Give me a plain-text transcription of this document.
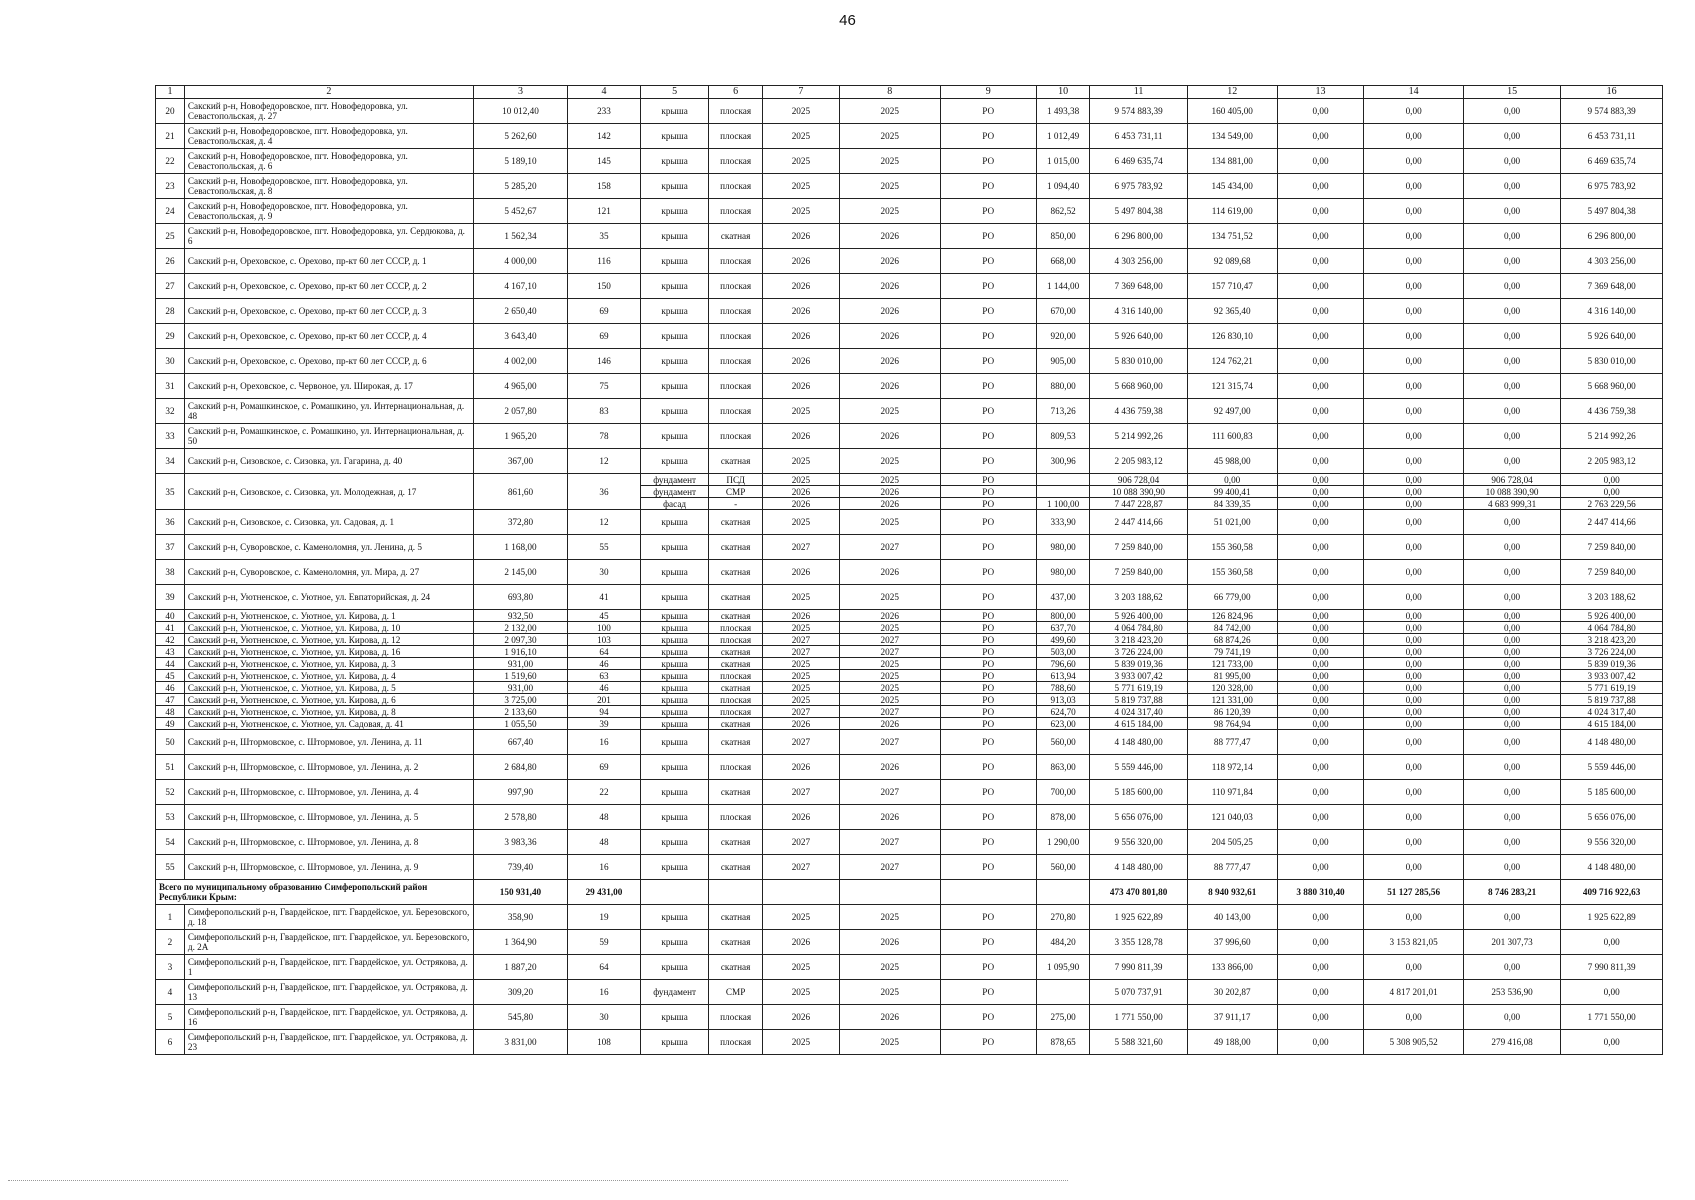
46
1	2	3	4	5	6	7	8	9	10	11	12	13	14	15	16
20	Сакский р-н, Новофедоровское, пгт. Новофедоровка, ул. Севастопольская, д. 27	10 012,40	233	крыша	плоская	2025	2025	РО	1 493,38	9 574 883,39	160 405,00	0,00	0,00	0,00	9 574 883,39
21	Сакский р-н, Новофедоровское, пгт. Новофедоровка, ул. Севастопольская, д. 4	5 262,60	142	крыша	плоская	2025	2025	РО	1 012,49	6 453 731,11	134 549,00	0,00	0,00	0,00	6 453 731,11
22	Сакский р-н, Новофедоровское, пгт. Новофедоровка, ул. Севастопольская, д. 6	5 189,10	145	крыша	плоская	2025	2025	РО	1 015,00	6 469 635,74	134 881,00	0,00	0,00	0,00	6 469 635,74
23	Сакский р-н, Новофедоровское, пгт. Новофедоровка, ул. Севастопольская, д. 8	5 285,20	158	крыша	плоская	2025	2025	РО	1 094,40	6 975 783,92	145 434,00	0,00	0,00	0,00	6 975 783,92
24	Сакский р-н, Новофедоровское, пгт. Новофедоровка, ул. Севастопольская, д. 9	5 452,67	121	крыша	плоская	2025	2025	РО	862,52	5 497 804,38	114 619,00	0,00	0,00	0,00	5 497 804,38
25	Сакский р-н, Новофедоровское, пгт. Новофедоровка, ул. Сердюкова, д. 6	1 562,34	35	крыша	скатная	2026	2026	РО	850,00	6 296 800,00	134 751,52	0,00	0,00	0,00	6 296 800,00
26	Сакский р-н, Ореховское, с. Орехово, пр-кт 60 лет СССР, д. 1	4 000,00	116	крыша	плоская	2026	2026	РО	668,00	4 303 256,00	92 089,68	0,00	0,00	0,00	4 303 256,00
27	Сакский р-н, Ореховское, с. Орехово, пр-кт 60 лет СССР, д. 2	4 167,10	150	крыша	плоская	2026	2026	РО	1 144,00	7 369 648,00	157 710,47	0,00	0,00	0,00	7 369 648,00
28	Сакский р-н, Ореховское, с. Орехово, пр-кт 60 лет СССР, д. 3	2 650,40	69	крыша	плоская	2026	2026	РО	670,00	4 316 140,00	92 365,40	0,00	0,00	0,00	4 316 140,00
29	Сакский р-н, Ореховское, с. Орехово, пр-кт 60 лет СССР, д. 4	3 643,40	69	крыша	плоская	2026	2026	РО	920,00	5 926 640,00	126 830,10	0,00	0,00	0,00	5 926 640,00
30	Сакский р-н, Ореховское, с. Орехово, пр-кт 60 лет СССР, д. 6	4 002,00	146	крыша	плоская	2026	2026	РО	905,00	5 830 010,00	124 762,21	0,00	0,00	0,00	5 830 010,00
31	Сакский р-н, Ореховское, с. Червоное, ул. Широкая, д. 17	4 965,00	75	крыша	плоская	2026	2026	РО	880,00	5 668 960,00	121 315,74	0,00	0,00	0,00	5 668 960,00
32	Сакский р-н, Ромашкинское, с. Ромашкино, ул. Интернациональная, д. 48	2 057,80	83	крыша	плоская	2025	2025	РО	713,26	4 436 759,38	92 497,00	0,00	0,00	0,00	4 436 759,38
33	Сакский р-н, Ромашкинское, с. Ромашкино, ул. Интернациональная, д. 50	1 965,20	78	крыша	плоская	2026	2026	РО	809,53	5 214 992,26	111 600,83	0,00	0,00	0,00	5 214 992,26
34	Сакский р-н, Сизовское, с. Сизовка, ул. Гагарина, д. 40	367,00	12	крыша	скатная	2025	2025	РО	300,96	2 205 983,12	45 988,00	0,00	0,00	0,00	2 205 983,12
35	Сакский р-н, Сизовское, с. Сизовка, ул. Молодежная, д. 17	861,60	36	фундамент	ПСД	2025	2025	РО		906 728,04	0,00	0,00	0,00	906 728,04	0,00
				фундамент	СМР	2026	2026	РО		10 088 390,90	99 400,41	0,00	0,00	10 088 390,90	0,00
				фасад	-	2026	2026	РО	1 100,00	7 447 228,87	84 339,35	0,00	0,00	4 683 999,31	2 763 229,56
36	Сакский р-н, Сизовское, с. Сизовка, ул. Садовая, д. 1	372,80	12	крыша	скатная	2025	2025	РО	333,90	2 447 414,66	51 021,00	0,00	0,00	0,00	2 447 414,66
37	Сакский р-н, Суворовское, с. Каменоломня, ул. Ленина, д. 5	1 168,00	55	крыша	скатная	2027	2027	РО	980,00	7 259 840,00	155 360,58	0,00	0,00	0,00	7 259 840,00
38	Сакский р-н, Суворовское, с. Каменоломня, ул. Мира, д. 27	2 145,00	30	крыша	скатная	2026	2026	РО	980,00	7 259 840,00	155 360,58	0,00	0,00	0,00	7 259 840,00
39	Сакский р-н, Уютненское, с. Уютное, ул. Евпаторийская, д. 24	693,80	41	крыша	скатная	2025	2025	РО	437,00	3 203 188,62	66 779,00	0,00	0,00	0,00	3 203 188,62
40	Сакский р-н, Уютненское, с. Уютное, ул. Кирова, д. 1	932,50	45	крыша	скатная	2026	2026	РО	800,00	5 926 400,00	126 824,96	0,00	0,00	0,00	5 926 400,00
41	Сакский р-н, Уютненское, с. Уютное, ул. Кирова, д. 10	2 132,00	100	крыша	плоская	2025	2025	РО	637,70	4 064 784,80	84 742,00	0,00	0,00	0,00	4 064 784,80
42	Сакский р-н, Уютненское, с. Уютное, ул. Кирова, д. 12	2 097,30	103	крыша	плоская	2027	2027	РО	499,60	3 218 423,20	68 874,26	0,00	0,00	0,00	3 218 423,20
43	Сакский р-н, Уютненское, с. Уютное, ул. Кирова, д. 16	1 916,10	64	крыша	скатная	2027	2027	РО	503,00	3 726 224,00	79 741,19	0,00	0,00	0,00	3 726 224,00
44	Сакский р-н, Уютненское, с. Уютное, ул. Кирова, д. 3	931,00	46	крыша	скатная	2025	2025	РО	796,60	5 839 019,36	121 733,00	0,00	0,00	0,00	5 839 019,36
45	Сакский р-н, Уютненское, с. Уютное, ул. Кирова, д. 4	1 519,60	63	крыша	плоская	2025	2025	РО	613,94	3 933 007,42	81 995,00	0,00	0,00	0,00	3 933 007,42
46	Сакский р-н, Уютненское, с. Уютное, ул. Кирова, д. 5	931,00	46	крыша	скатная	2025	2025	РО	788,60	5 771 619,19	120 328,00	0,00	0,00	0,00	5 771 619,19
47	Сакский р-н, Уютненское, с. Уютное, ул. Кирова, д. 6	3 725,00	201	крыша	плоская	2025	2025	РО	913,03	5 819 737,88	121 331,00	0,00	0,00	0,00	5 819 737,88
48	Сакский р-н, Уютненское, с. Уютное, ул. Кирова, д. 8	2 133,60	94	крыша	плоская	2027	2027	РО	624,70	4 024 317,40	86 120,39	0,00	0,00	0,00	4 024 317,40
49	Сакский р-н, Уютненское, с. Уютное, ул. Садовая, д. 41	1 055,50	39	крыша	скатная	2026	2026	РО	623,00	4 615 184,00	98 764,94	0,00	0,00	0,00	4 615 184,00
50	Сакский р-н, Штормовское, с. Штормовое, ул. Ленина, д. 11	667,40	16	крыша	скатная	2027	2027	РО	560,00	4 148 480,00	88 777,47	0,00	0,00	0,00	4 148 480,00
51	Сакский р-н, Штормовское, с. Штормовое, ул. Ленина, д. 2	2 684,80	69	крыша	плоская	2026	2026	РО	863,00	5 559 446,00	118 972,14	0,00	0,00	0,00	5 559 446,00
52	Сакский р-н, Штормовское, с. Штормовое, ул. Ленина, д. 4	997,90	22	крыша	скатная	2027	2027	РО	700,00	5 185 600,00	110 971,84	0,00	0,00	0,00	5 185 600,00
53	Сакский р-н, Штормовское, с. Штормовое, ул. Ленина, д. 5	2 578,80	48	крыша	плоская	2026	2026	РО	878,00	5 656 076,00	121 040,03	0,00	0,00	0,00	5 656 076,00
54	Сакский р-н, Штормовское, с. Штормовое, ул. Ленина, д. 8	3 983,36	48	крыша	скатная	2027	2027	РО	1 290,00	9 556 320,00	204 505,25	0,00	0,00	0,00	9 556 320,00
55	Сакский р-н, Штормовское, с. Штормовое, ул. Ленина, д. 9	739,40	16	крыша	скатная	2027	2027	РО	560,00	4 148 480,00	88 777,47	0,00	0,00	0,00	4 148 480,00
Всего по муниципальному образованию Симферопольский район Республики Крым:		150 931,40	29 431,00							473 470 801,80	8 940 932,61	3 880 310,40	51 127 285,56	8 746 283,21	409 716 922,63
1	Симферопольский р-н, Гвардейское, пгт. Гвардейское, ул. Березовского, д. 18	358,90	19	крыша	скатная	2025	2025	РО	270,80	1 925 622,89	40 143,00	0,00	0,00	0,00	1 925 622,89
2	Симферопольский р-н, Гвардейское, пгт. Гвардейское, ул. Березовского, д. 2А	1 364,90	59	крыша	скатная	2026	2026	РО	484,20	3 355 128,78	37 996,60	0,00	3 153 821,05	201 307,73	0,00
3	Симферопольский р-н, Гвардейское, пгт. Гвардейское, ул. Острякова, д. 1	1 887,20	64	крыша	скатная	2025	2025	РО	1 095,90	7 990 811,39	133 866,00	0,00	0,00	0,00	7 990 811,39
4	Симферопольский р-н, Гвардейское, пгт. Гвардейское, ул. Острякова, д. 13	309,20	16	фундамент	СМР	2025	2025	РО		5 070 737,91	30 202,87	0,00	4 817 201,01	253 536,90	0,00
5	Симферопольский р-н, Гвардейское, пгт. Гвардейское, ул. Острякова, д. 16	545,80	30	крыша	плоская	2026	2026	РО	275,00	1 771 550,00	37 911,17	0,00	0,00	0,00	1 771 550,00
6	Симферопольский р-н, Гвардейское, пгт. Гвардейское, ул. Острякова, д. 23	3 831,00	108	крыша	плоская	2025	2025	РО	878,65	5 588 321,60	49 188,00	0,00	5 308 905,52	279 416,08	0,00
